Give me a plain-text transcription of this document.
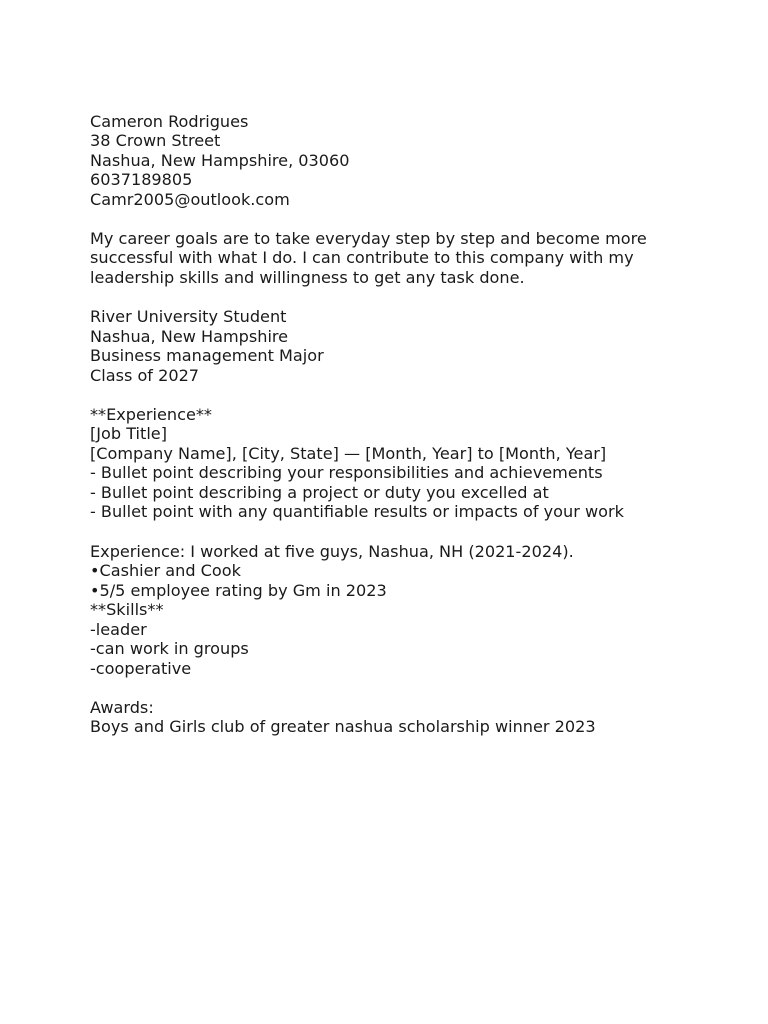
Cameron Rodrigues
38 Crown Street
Nashua, New Hampshire, 03060
6037189805
Camr2005@outlook.com
My career goals are to take everyday step by step and become more
successful with what I do. I can contribute to this company with my
leadership skills and willingness to get any task done.
River University Student
Nashua, New Hampshire
Business management Major
Class of 2027
**Experience**
[Job Title]
[Company Name], [City, State] — [Month, Year] to [Month, Year]
- Bullet point describing your responsibilities and achievements
- Bullet point describing a project or duty you excelled at
- Bullet point with any quantifiable results or impacts of your work
Experience: I worked at five guys, Nashua, NH (2021-2024).
•Cashier and Cook
•5/5 employee rating by Gm in 2023
**Skills**
-leader
-can work in groups
-cooperative
Awards:
Boys and Girls club of greater nashua scholarship winner 2023
